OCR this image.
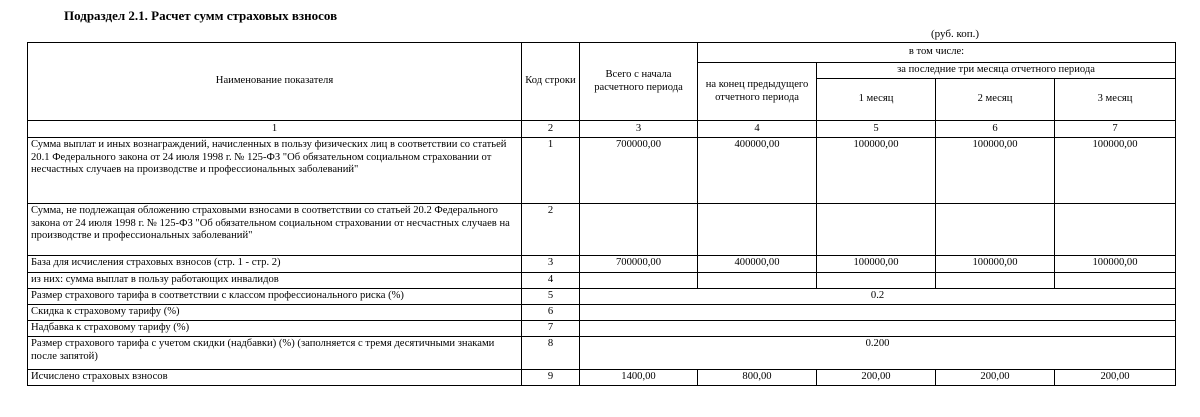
Подраздел 2.1. Расчет сумм страховых взносов
(руб. коп.)
Наименование показателя	Код строки	Всего с начала расчетного периода	в том числе:			
			на конец предыдущего отчетного периода	за последние три месяца отчетного периода		
				1 месяц	2 месяц	3 месяц
1	2	3	4	5	6	7
Сумма выплат и иных вознаграждений, начисленных в пользу физических лиц в соответствии со статьей 20.1 Федерального закона от 24 июля 1998 г. № 125-ФЗ "Об обязательном социальном страховании от несчастных случаев на производстве и профессиональных заболеваний"	1	700000,00	400000,00	100000,00	100000,00	100000,00
Сумма, не подлежащая обложению страховыми взносами в соответствии со статьей 20.2 Федерального закона от 24 июля 1998 г. № 125-ФЗ "Об обязательном социальном страховании от несчастных случаев на производстве и профессиональных заболеваний"	2					
База для исчисления страховых взносов (стр. 1 - стр. 2)	3	700000,00	400000,00	100000,00	100000,00	100000,00
из них: сумма выплат в пользу работающих инвалидов	4					
Размер страхового тарифа в соответствии с классом профессионального риска (%)	5	0.2				
Скидка к страховому тарифу (%)	6					
Надбавка к страховому тарифу (%)	7					
Размер страхового тарифа с учетом скидки (надбавки) (%) (заполняется с тремя десятичными знаками после запятой)	8	0.200				
Исчислено страховых взносов	9	1400,00	800,00	200,00	200,00	200,00
